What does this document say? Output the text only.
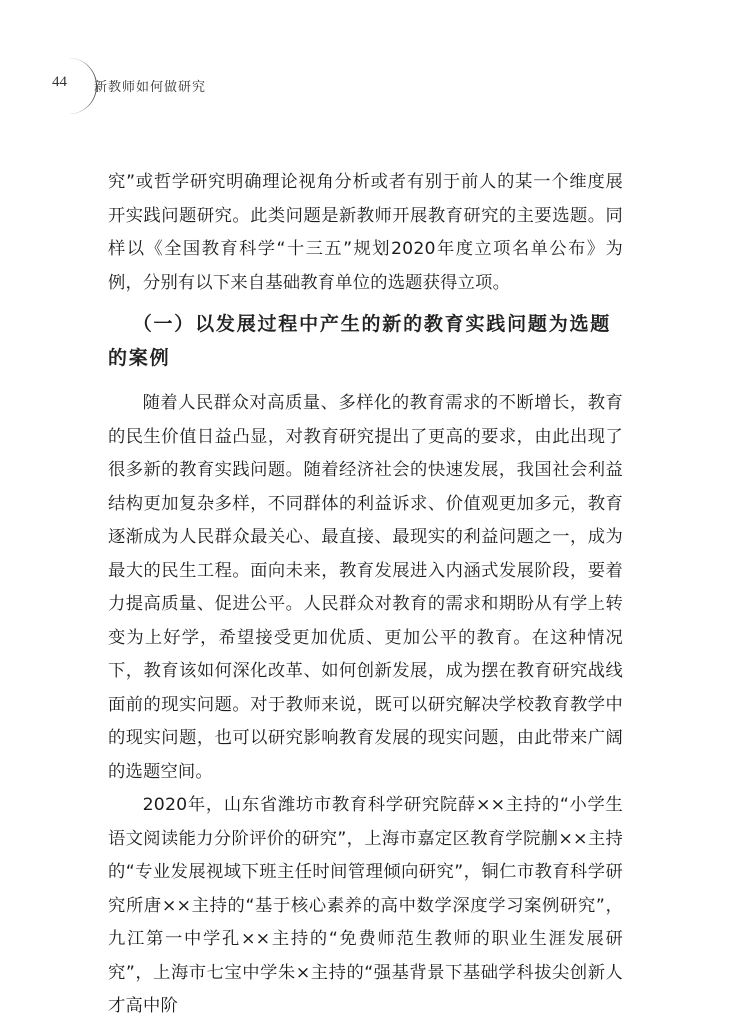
44 新教师如何做研究

究”或哲学研究明确理论视角分析或者有别于前人的某一个维度展开实践问题研究。此类问题是新教师开展教育研究的主要选题。同样以《全国教育科学“十三五”规划2020年度立项名单公布》为例，分别有以下来自基础教育单位的选题获得立项。

（一）以发展过程中产生的新的教育实践问题为选题的案例

随着人民群众对高质量、多样化的教育需求的不断增长，教育的民生价值日益凸显，对教育研究提出了更高的要求，由此出现了很多新的教育实践问题。随着经济社会的快速发展，我国社会利益结构更加复杂多样，不同群体的利益诉求、价值观更加多元，教育逐渐成为人民群众最关心、最直接、最现实的利益问题之一，成为最大的民生工程。面向未来，教育发展进入内涵式发展阶段，要着力提高质量、促进公平。人民群众对教育的需求和期盼从有学上转变为上好学，希望接受更加优质、更加公平的教育。在这种情况下，教育该如何深化改革、如何创新发展，成为摆在教育研究战线面前的现实问题。对于教师来说，既可以研究解决学校教育教学中的现实问题，也可以研究影响教育发展的现实问题，由此带来广阔的选题空间。

2020年，山东省潍坊市教育科学研究院薛××主持的“小学生语文阅读能力分阶评价的研究”，上海市嘉定区教育学院蒯××主持的“专业发展视域下班主任时间管理倾向研究”，铜仁市教育科学研究所唐××主持的“基于核心素养的高中数学深度学习案例研究”，九江第一中学孔××主持的“免费师范生教师的职业生涯发展研究”，上海市七宝中学朱×主持的“强基背景下基础学科拔尖创新人才高中阶
